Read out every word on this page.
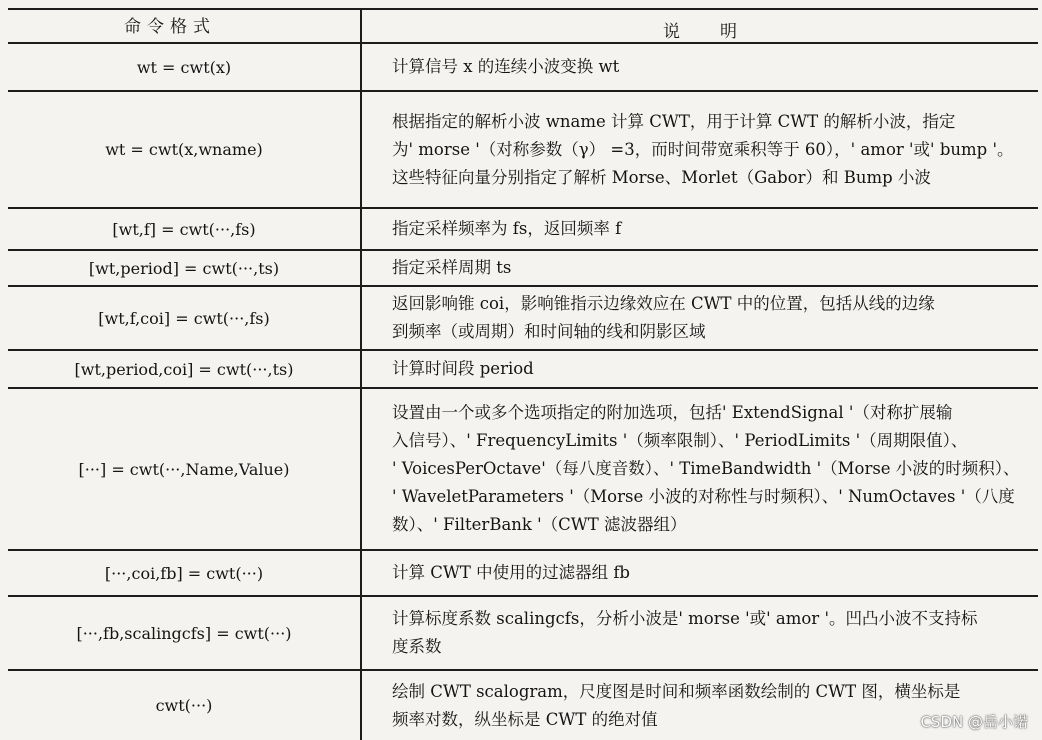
命令格式	说明
wt = cwt(x)	计算信号 x 的连续小波变换 wt

wt = cwt(x,wname)	根据指定的解析小波 wname 计算 CWT，用于计算 CWT 的解析小波，指定
为' morse '（对称参数（γ） =3，而时间带宽乘积等于 60），' amor '或' bump '。
这些特征向量分别指定了解析 Morse、Morlet（Gabor）和 Bump 小波

[wt,f] = cwt(···,fs)	指定采样频率为 fs，返回频率 f

[wt,period] = cwt(···,ts)	指定采样周期 ts

[wt,f,coi] = cwt(···,fs)	返回影响锥 coi，影响锥指示边缘效应在 CWT 中的位置，包括从线的边缘
到频率（或周期）和时间轴的线和阴影区域

[wt,period,coi] = cwt(···,ts)	计算时间段 period

[···] = cwt(···,Name,Value)	设置由一个或多个选项指定的附加选项，包括' ExtendSignal '（对称扩展输
入信号）、' FrequencyLimits '（频率限制）、' PeriodLimits '（周期限值）、
' VoicesPerOctave'（每八度音数）、' TimeBandwidth '（Morse 小波的时频积）、
' WaveletParameters '（Morse 小波的对称性与时频积）、' NumOctaves '（八度
数）、' FilterBank '（CWT 滤波器组）

[···,coi,fb] = cwt(···)	计算 CWT 中使用的过滤器组 fb

[···,fb,scalingcfs] = cwt(···)	计算标度系数 scalingcfs，分析小波是' morse '或' amor '。凹凸小波不支持标
度系数

cwt(···)	绘制 CWT scalogram，尺度图是时间和频率函数绘制的 CWT 图，横坐标是
频率对数，纵坐标是 CWT 的绝对值	CSDN @岳小诺
